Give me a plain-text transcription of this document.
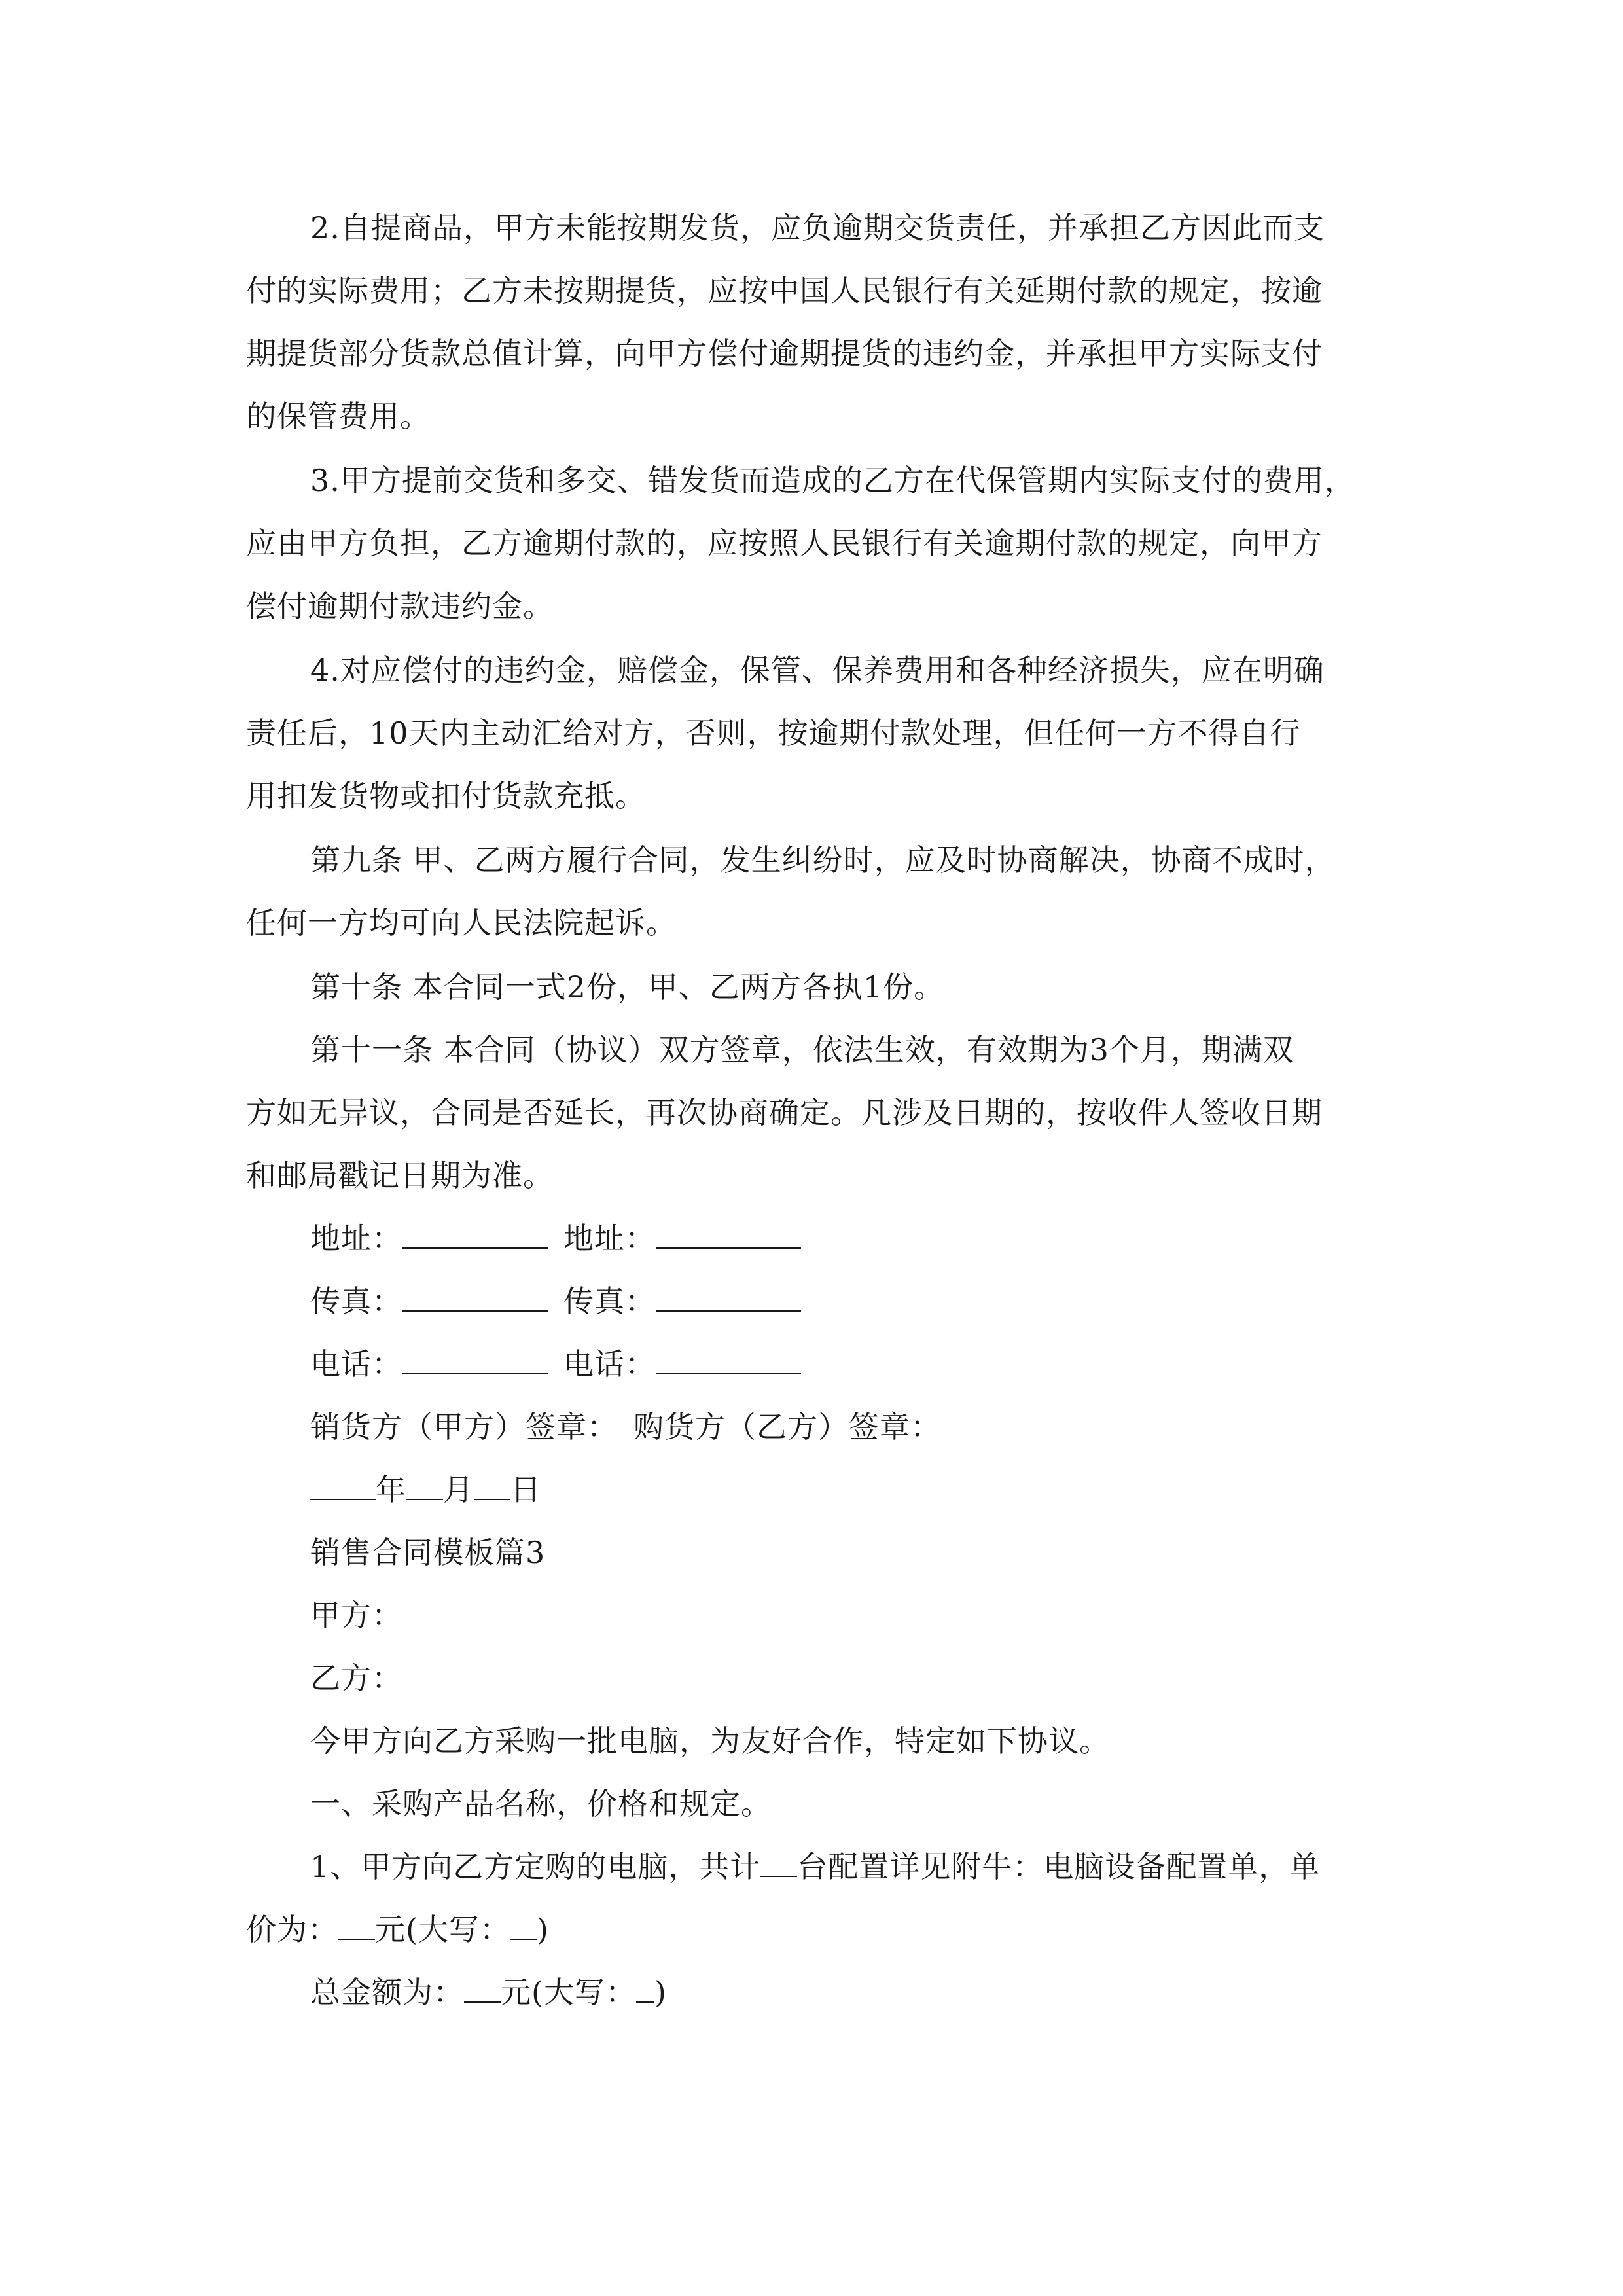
2.自提商品，甲方未能按期发货，应负逾期交货责任，并承担乙方因此而支
付的实际费用；乙方未按期提货，应按中国人民银行有关延期付款的规定，按逾
期提货部分货款总值计算，向甲方偿付逾期提货的违约金，并承担甲方实际支付
的保管费用。
3.甲方提前交货和多交、错发货而造成的乙方在代保管期内实际支付的费用，
应由甲方负担，乙方逾期付款的，应按照人民银行有关逾期付款的规定，向甲方
偿付逾期付款违约金。
4.对应偿付的违约金，赔偿金，保管、保养费用和各种经济损失，应在明确
责任后，10天内主动汇给对方，否则，按逾期付款处理，但任何一方不得自行
用扣发货物或扣付货款充抵。
第九条 甲、乙两方履行合同，发生纠纷时，应及时协商解决，协商不成时，
任何一方均可向人民法院起诉。
第十条 本合同一式2份，甲、乙两方各执1份。
第十一条 本合同（协议）双方签章，依法生效，有效期为3个月，期满双
方如无异议，合同是否延长，再次协商确定。凡涉及日期的，按收件人签收日期
和邮局戳记日期为准。
地址：	地址：
传真：	传真：
电话：	电话：
销货方（甲方）签章： 购货方（乙方）签章：
年 月 日
销售合同模板篇3
甲方：
乙方：
今甲方向乙方采购一批电脑，为友好合作，特定如下协议。
一、采购产品名称，价格和规定。
1、甲方向乙方定购的电脑，共计 台配置详见附牛：电脑设备配置单，单
价为： 元(大写： )
总金额为： 元(大写： )
